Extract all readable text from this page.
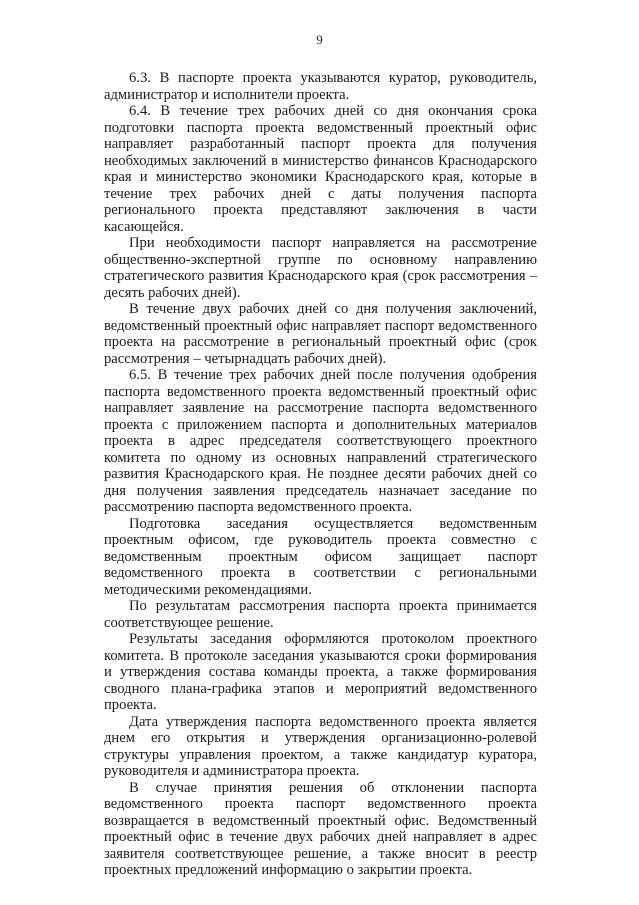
9

6.3. В паспорте проекта указываются куратор, руководитель, администратор и исполнители проекта.

6.4. В течение трех рабочих дней со дня окончания срока подготовки паспорта проекта ведомственный проектный офис направляет разработанный паспорт проекта для получения необходимых заключений в министерство финансов Краснодарского края и министерство экономики Краснодарского края, которые в течение трех рабочих дней с даты получения паспорта регионального проекта представляют заключения в части касающейся.

При необходимости паспорт направляется на рассмотрение общественно-экспертной группе по основному направлению стратегического развития Краснодарского края (срок рассмотрения – десять рабочих дней).

В течение двух рабочих дней со дня получения заключений, ведомственный проектный офис направляет паспорт ведомственного проекта на рассмотрение в региональный проектный офис (срок рассмотрения – четырнадцать рабочих дней).

6.5. В течение трех рабочих дней после получения одобрения паспорта ведомственного проекта ведомственный проектный офис направляет заявление на рассмотрение паспорта ведомственного проекта с приложением паспорта и дополнительных материалов проекта в адрес председателя соответствующего проектного комитета по одному из основных направлений стратегического развития Краснодарского края. Не позднее десяти рабочих дней со дня получения заявления председатель назначает заседание по рассмотрению паспорта ведомственного проекта.

Подготовка заседания осуществляется ведомственным проектным офисом, где руководитель проекта совместно с ведомственным проектным офисом защищает паспорт ведомственного проекта в соответствии с региональными методическими рекомендациями.

По результатам рассмотрения паспорта проекта принимается соответствующее решение.

Результаты заседания оформляются протоколом проектного комитета. В протоколе заседания указываются сроки формирования и утверждения состава команды проекта, а также формирования сводного плана-графика этапов и мероприятий ведомственного проекта.

Дата утверждения паспорта ведомственного проекта является днем его открытия и утверждения организационно-ролевой структуры управления проектом, а также кандидатур куратора, руководителя и администратора проекта.

В случае принятия решения об отклонении паспорта ведомственного проекта паспорт ведомственного проекта возвращается в ведомственный проектный офис. Ведомственный проектный офис в течение двух рабочих дней направляет в адрес заявителя соответствующее решение, а также вносит в реестр проектных предложений информацию о закрытии проекта.
